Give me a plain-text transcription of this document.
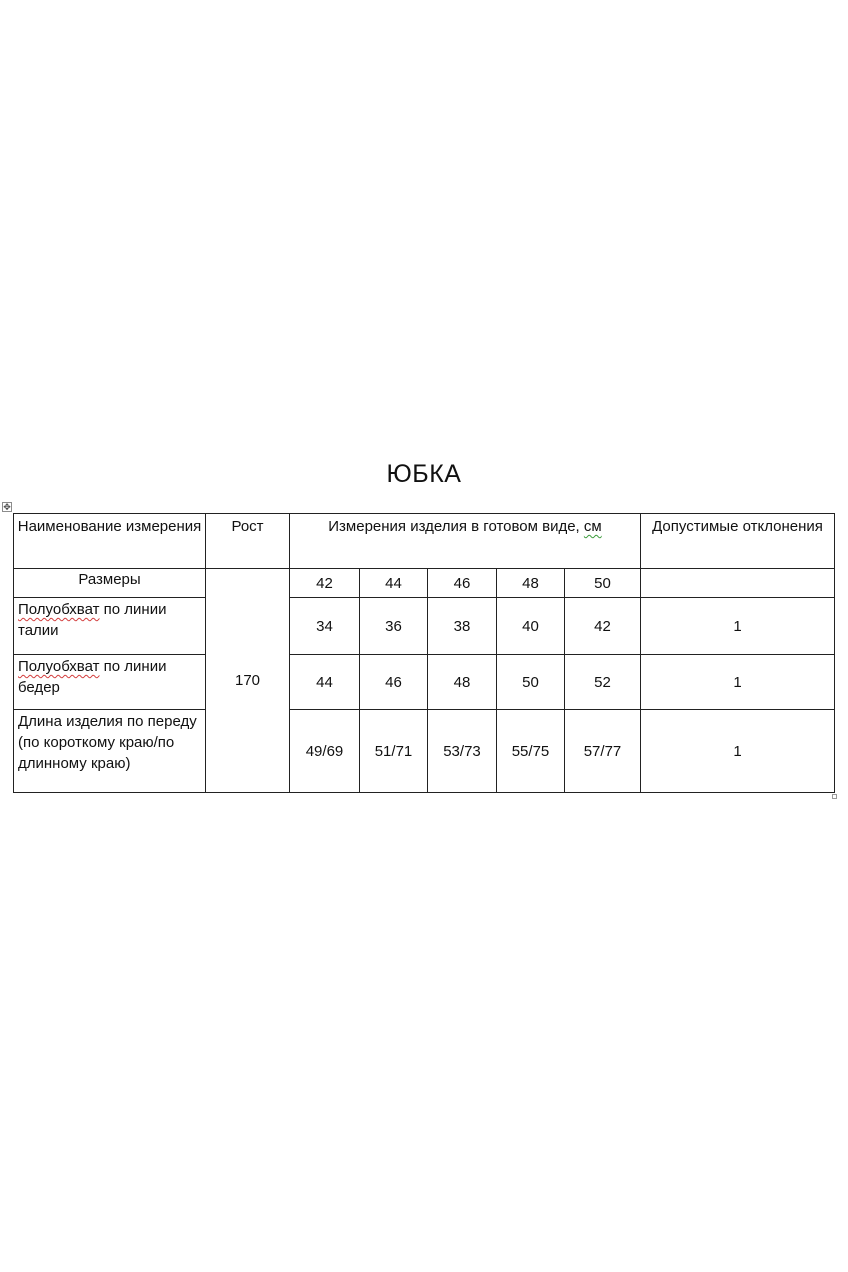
ЮБКА
✥
Наименование измерения	Рост	Измерения изделия в готовом виде, см					Допустимые отклонения
Размеры	170	42	44	46	48	50	
Полуобхват по линии талии		34	36	38	40	42	1
Полуобхват по линии бедер		44	46	48	50	52	1
Длина изделия по переду (по короткому краю/по длинному краю)		49/69	51/71	53/73	55/75	57/77	1
